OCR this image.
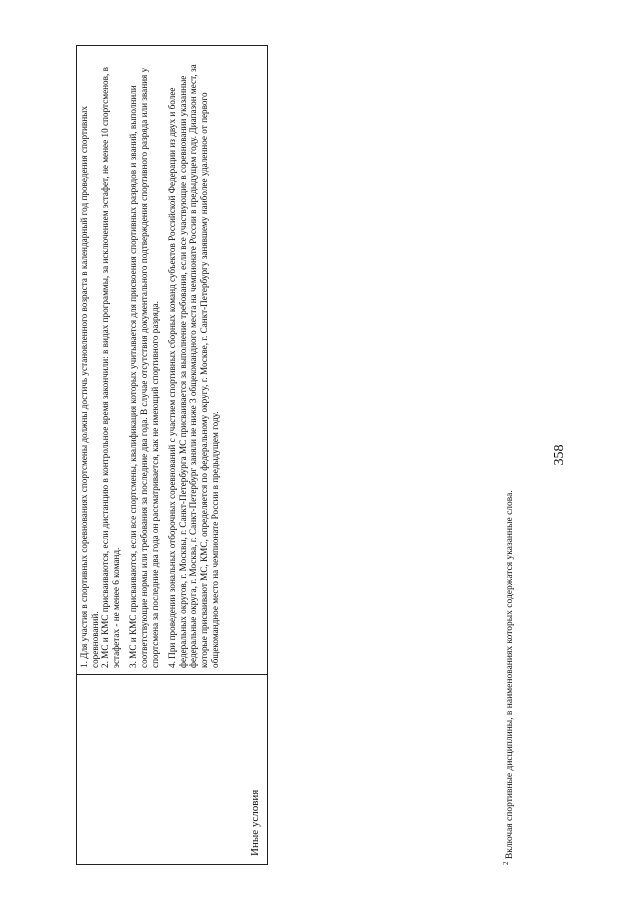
Иные условия

1. Для участия в спортивных соревнованиях спортсмены должны достичь установленного возраста в календарный год проведения спортивных соревнований. 2. МС и КМС присваиваются, если дистанцию в контрольное время закончили: в видах программы, за исключением эстафет, не менее 10 спортсменов, в эстафетах - не менее 6 команд. 3. МС и КМС присваиваются, если все спортсмены, квалификация которых учитывается для присвоения спортивных разрядов и званий, выполнили соответствующие нормы или требования за последние два года. В случае отсутствия документального подтверждения спортивного разряда или звания у спортсмена за последние два года он рассматривается, как не имеющий спортивного разряда. 4. При проведении зональных отборочных соревнований с участием спортивных сборных команд субъектов Российской Федерации из двух и более федеральных округов, г. Москвы, г. Санкт-Петербурга МС присваивается за выполнение требования, если все участвующие в соревновании указанные федеральные округа, г. Москва, г. Санкт-Петербург заняли не ниже 3 общекомандного места на чемпионате России в предыдущем году. Диапазон мест, за которые присваивают МС, КМС, определяется по федеральному округу, г. Москве, г. Санкт-Петербургу занявшему наиболее удаленное от первого общекомандное место на чемпионате России в предыдущем году.	358
$^2$ Включая спортивные дисциплины, в наименованиях которых содержатся указанные слова.
